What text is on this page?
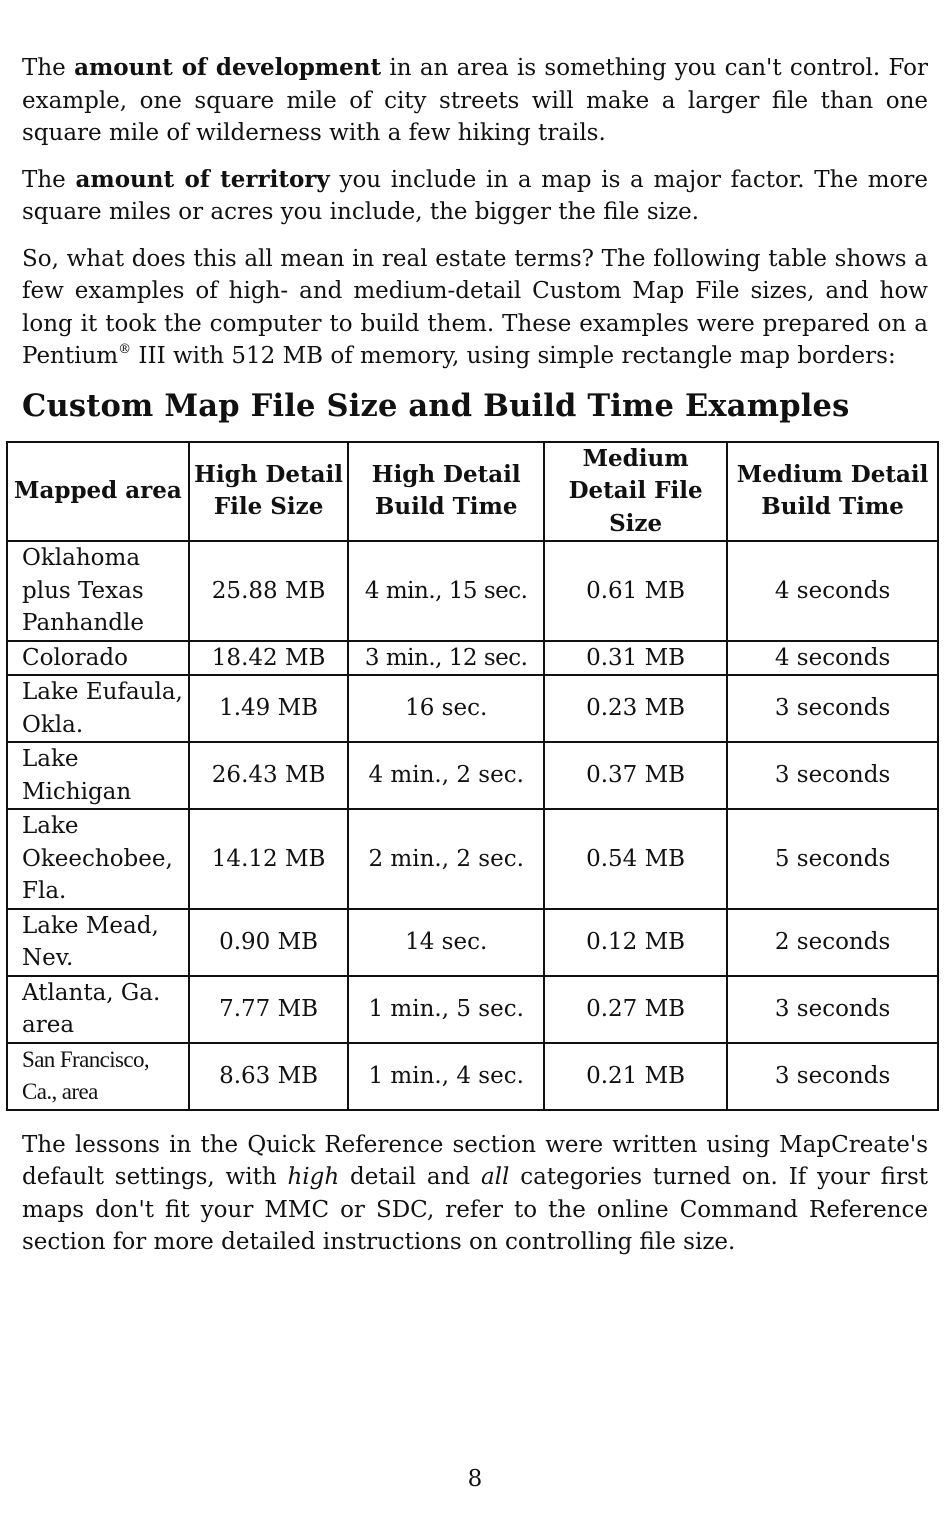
The amount of development in an area is something you can't control. For example, one square mile of city streets will make a larger file than one square mile of wilderness with a few hiking trails.

The amount of territory you include in a map is a major factor. The more square miles or acres you include, the bigger the file size.

So, what does this all mean in real estate terms? The following table shows a few examples of high- and medium-detail Custom Map File sizes, and how long it took the computer to build them. These examples were prepared on a Pentium® III with 512 MB of memory, using simple rectangle map borders:

Custom Map File Size and Build Time Examples
Mapped area	High Detail File Size	High Detail Build Time	Medium Detail File Size	Medium Detail Build Time
Oklahoma plus Texas Panhandle	25.88 MB	4 min., 15 sec.	0.61 MB	4 seconds
Colorado	18.42 MB	3 min., 12 sec.	0.31 MB	4 seconds
Lake Eufaula, Okla.	1.49 MB	16 sec.	0.23 MB	3 seconds
Lake Michigan	26.43 MB	4 min., 2 sec.	0.37 MB	3 seconds
Lake Okeechobee, Fla.	14.12 MB	2 min., 2 sec.	0.54 MB	5 seconds
Lake Mead, Nev.	0.90 MB	14 sec.	0.12 MB	2 seconds
Atlanta, Ga. area	7.77 MB	1 min., 5 sec.	0.27 MB	3 seconds
San Francisco, Ca., area	8.63 MB	1 min., 4 sec.	0.21 MB	3 seconds

The lessons in the Quick Reference section were written using MapCreate's default settings, with high detail and all categories turned on. If your first maps don't fit your MMC or SDC, refer to the online Command Reference section for more detailed instructions on controlling file size.

8
